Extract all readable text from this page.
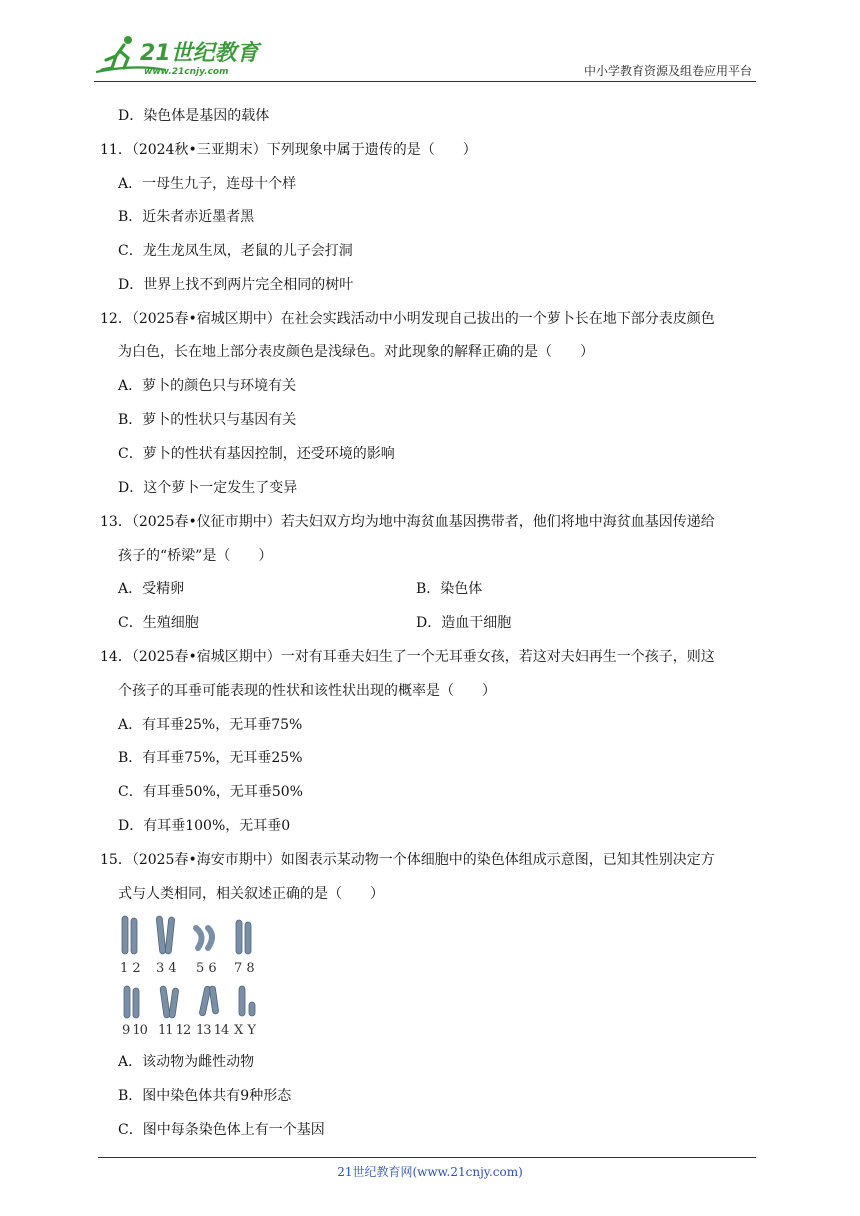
21世纪教育
www.21cnjy.com	中小学教育资源及组卷应用平台
D．染色体是基因的载体
11．（2024秋•三亚期末）下列现象中属于遗传的是（　　）
A．一母生九子，连母十个样
B．近朱者赤近墨者黑
C．龙生龙凤生凤，老鼠的儿子会打洞
D．世界上找不到两片完全相同的树叶
12．（2025春•宿城区期中）在社会实践活动中小明发现自己拔出的一个萝卜长在地下部分表皮颜色
为白色，长在地上部分表皮颜色是浅绿色。对此现象的解释正确的是（　　）
A．萝卜的颜色只与环境有关
B．萝卜的性状只与基因有关
C．萝卜的性状有基因控制，还受环境的影响
D．这个萝卜一定发生了变异
13．（2025春•仪征市期中）若夫妇双方均为地中海贫血基因携带者，他们将地中海贫血基因传递给
孩子的“桥梁”是（　　）
A．受精卵	B．染色体
C．生殖细胞	D．造血干细胞
14．（2025春•宿城区期中）一对有耳垂夫妇生了一个无耳垂女孩，若这对夫妇再生一个孩子，则这
个孩子的耳垂可能表现的性状和该性状出现的概率是（　　）
A．有耳垂25%，无耳垂75%
B．有耳垂75%，无耳垂25%
C．有耳垂50%，无耳垂50%
D．有耳垂100%，无耳垂0
15．（2025春•海安市期中）如图表示某动物一个体细胞中的染色体组成示意图，已知其性别决定方
式与人类相同，相关叙述正确的是（　　）
1 2 3 4 5 6 7 8
9 10 11 12 13 14 X Y
A．该动物为雌性动物
B．图中染色体共有9种形态
C．图中每条染色体上有一个基因
21世纪教育网(www.21cnjy.com)
